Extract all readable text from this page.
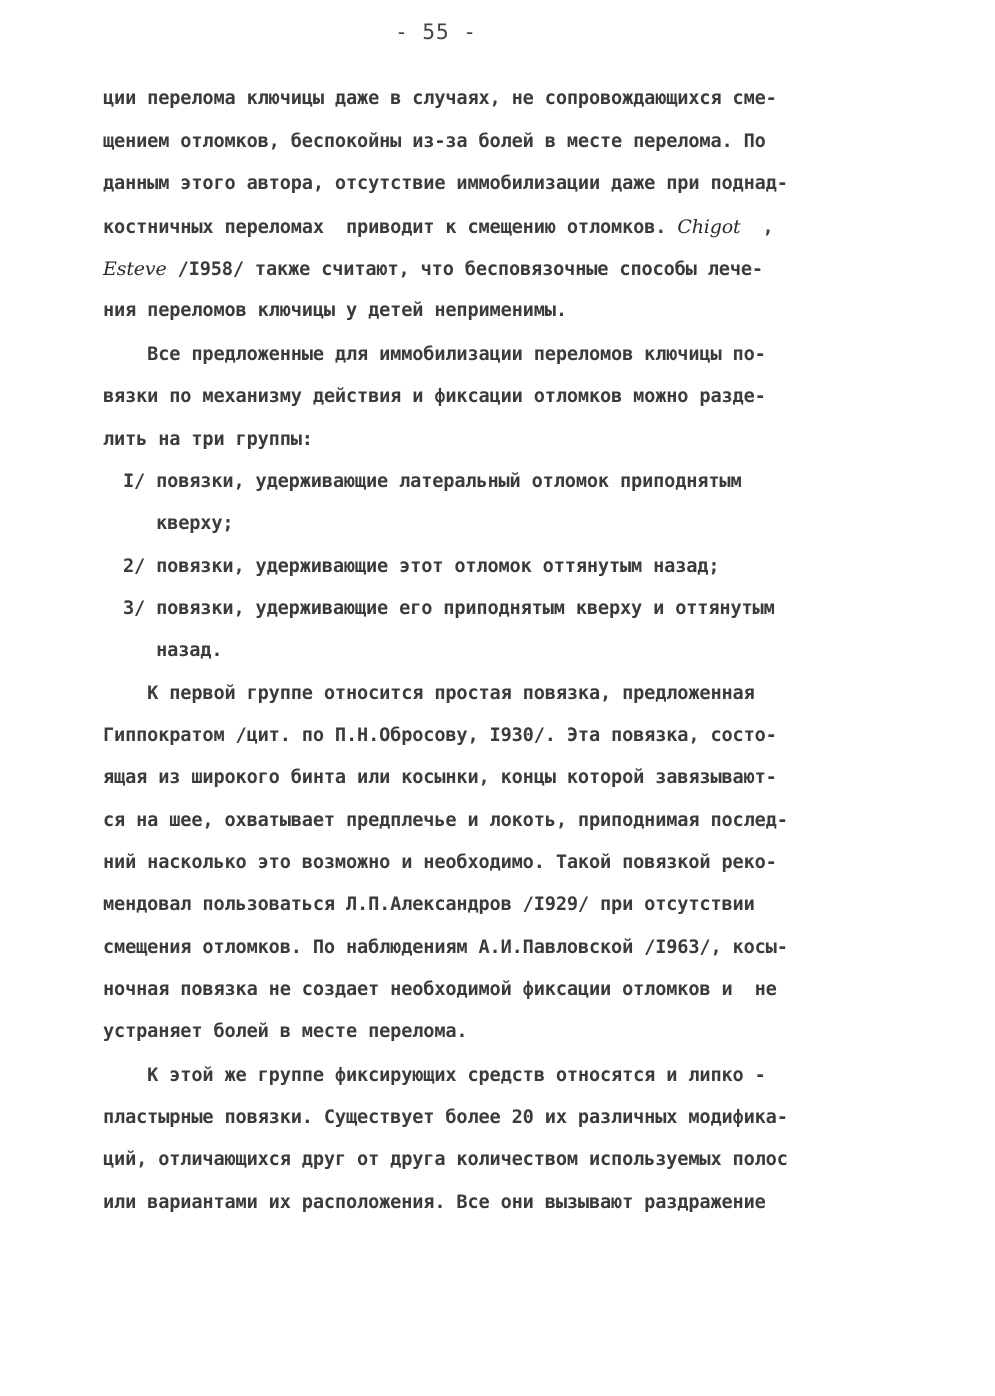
- 55 -
ции перелома ключицы даже в случаях, не сопровождающихся сме-
щением отломков, беспокойны из-за болей в месте перелома. По
данным этого автора, отсутствие иммобилизации даже при поднад-
костничных переломах  приводит к смещению отломков. Chigot ,
Esteve /I958/ также считают, что бесповязочные способы лече-
ния переломов ключицы у детей неприменимы.
Все предложенные для иммобилизации переломов ключицы по-
вязки по механизму действия и фиксации отломков можно разде-
лить на три группы:
I/ повязки, удерживающие латеральный отломок приподнятым
кверху;
2/ повязки, удерживающие этот отломок оттянутым назад;
3/ повязки, удерживающие его приподнятым кверху и оттянутым
назад.
К первой группе относится простая повязка, предложенная
Гиппократом /цит. по П.Н.Обросову, I930/. Эта повязка, состо-
ящая из широкого бинта или косынки, концы которой завязывают-
ся на шее, охватывает предплечье и локоть, приподнимая послед-
ний насколько это возможно и необходимо. Такой повязкой реко-
мендовал пользоваться Л.П.Александров /I929/ при отсутствии
смещения отломков. По наблюдениям А.И.Павловской /I963/, косы-
ночная повязка не создает необходимой фиксации отломков и  не
устраняет болей в месте перелома.
К этой же группе фиксирующих средств относятся и липко -
пластырные повязки. Существует более 20 их различных модифика-
ций, отличающихся друг от друга количеством используемых полос
или вариантами их расположения. Все они вызывают раздражение
